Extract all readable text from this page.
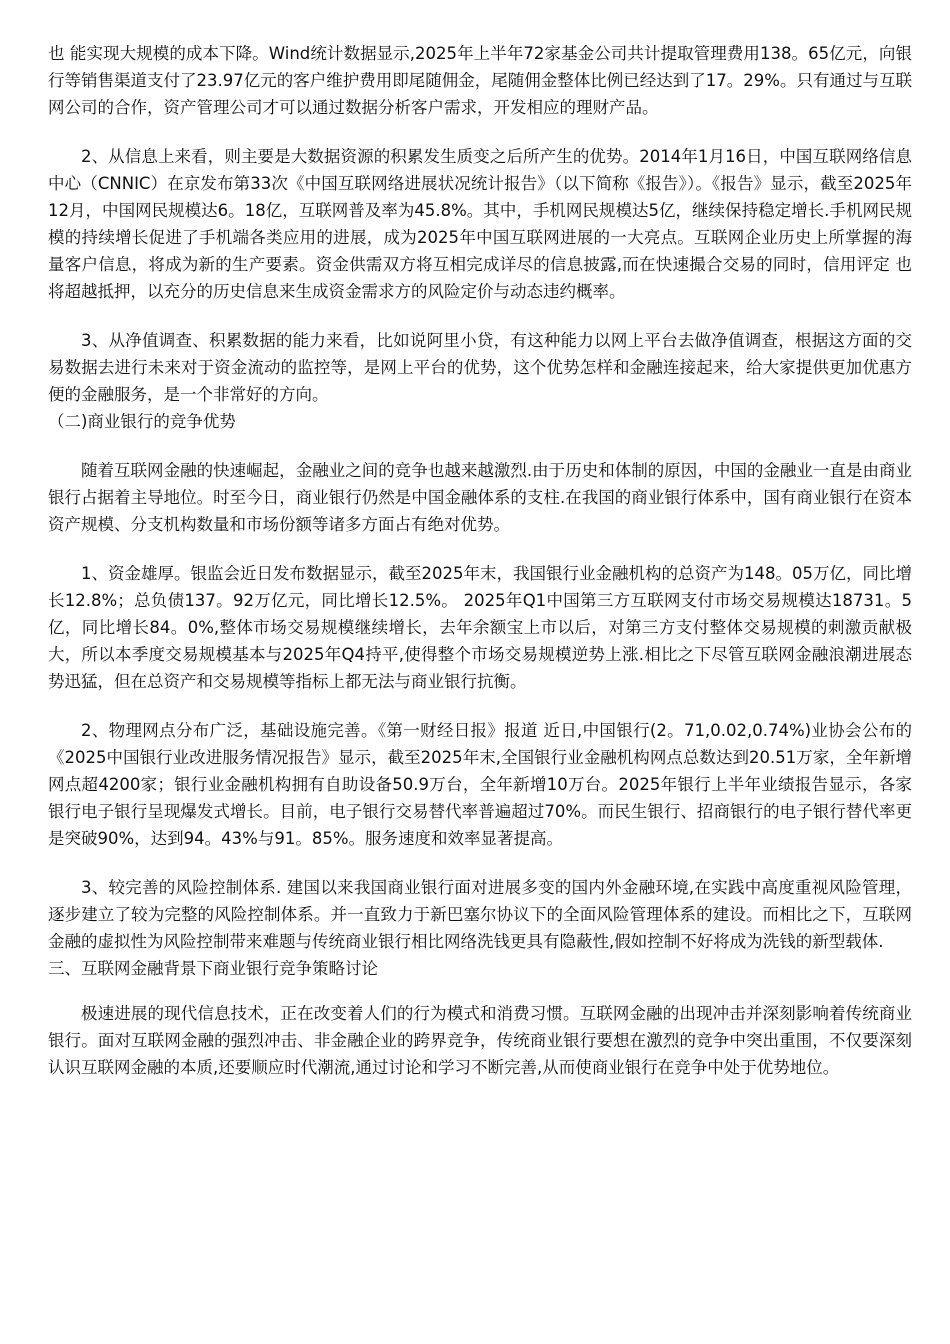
也 能实现大规模的成本下降。Wind统计数据显示,2025年上半年72家基金公司共计提取管理费用138。65亿元，向银行等销售渠道支付了23.97亿元的客户维护费用即尾随佣金，尾随佣金整体比例已经达到了17。29%。只有通过与互联网公司的合作，资产管理公司才可以通过数据分析客户需求，开发相应的理财产品。

2、从信息上来看，则主要是大数据资源的积累发生质变之后所产生的优势。2014年1月16日，中国互联网络信息中心（CNNIC）在京发布第33次《中国互联网络进展状况统计报告》（以下简称《报告》）。《报告》显示，截至2025年12月，中国网民规模达6。18亿，互联网普及率为45.8%。其中，手机网民规模达5亿，继续保持稳定增长.手机网民规模的持续增长促进了手机端各类应用的进展，成为2025年中国互联网进展的一大亮点。互联网企业历史上所掌握的海量客户信息，将成为新的生产要素。资金供需双方将互相完成详尽的信息披露,而在快速撮合交易的同时，信用评定 也将超越抵押，以充分的历史信息来生成资金需求方的风险定价与动态违约概率。

3、从净值调查、积累数据的能力来看，比如说阿里小贷，有这种能力以网上平台去做净值调查，根据这方面的交易数据去进行未来对于资金流动的监控等，是网上平台的优势，这个优势怎样和金融连接起来，给大家提供更加优惠方便的金融服务，是一个非常好的方向。

（二)商业银行的竞争优势

随着互联网金融的快速崛起，金融业之间的竞争也越来越激烈.由于历史和体制的原因，中国的金融业一直是由商业银行占据着主导地位。时至今日，商业银行仍然是中国金融体系的支柱.在我国的商业银行体系中，国有商业银行在资本资产规模、分支机构数量和市场份额等诸多方面占有绝对优势。

1、资金雄厚。银监会近日发布数据显示，截至2025年末，我国银行业金融机构的总资产为148。05万亿，同比增长12.8%；总负债137。92万亿元，同比增长12.5%。 2025年Q1中国第三方互联网支付市场交易规模达18731。5亿，同比增长84。0%,整体市场交易规模继续增长，去年余额宝上市以后，对第三方支付整体交易规模的刺激贡献极大，所以本季度交易规模基本与2025年Q4持平,使得整个市场交易规模逆势上涨.相比之下尽管互联网金融浪潮进展态势迅猛，但在总资产和交易规模等指标上都无法与商业银行抗衡。

2、物理网点分布广泛，基础设施完善。《第一财经日报》报道 近日,中国银行(2。71,0.02,0.74%)业协会公布的《2025中国银行业改进服务情况报告》显示，截至2025年末,全国银行业金融机构网点总数达到20.51万家，全年新增网点超4200家；银行业金融机构拥有自助设备50.9万台，全年新增10万台。2025年银行上半年业绩报告显示，各家银行电子银行呈现爆发式增长。目前，电子银行交易替代率普遍超过70%。而民生银行、招商银行的电子银行替代率更是突破90%，达到94。43%与91。85%。服务速度和效率显著提高。

3、较完善的风险控制体系. 建国以来我国商业银行面对进展多变的国内外金融环境,在实践中高度重视风险管理，逐步建立了较为完整的风险控制体系。并一直致力于新巴塞尔协议下的全面风险管理体系的建设。而相比之下，互联网金融的虚拟性为风险控制带来难题与传统商业银行相比网络洗钱更具有隐蔽性,假如控制不好将成为洗钱的新型载体.

三、互联网金融背景下商业银行竞争策略讨论

极速进展的现代信息技术，正在改变着人们的行为模式和消费习惯。互联网金融的出现冲击并深刻影响着传统商业银行。面对互联网金融的强烈冲击、非金融企业的跨界竞争，传统商业银行要想在激烈的竞争中突出重围，不仅要深刻认识互联网金融的本质,还要顺应时代潮流,通过讨论和学习不断完善,从而使商业银行在竞争中处于优势地位。
